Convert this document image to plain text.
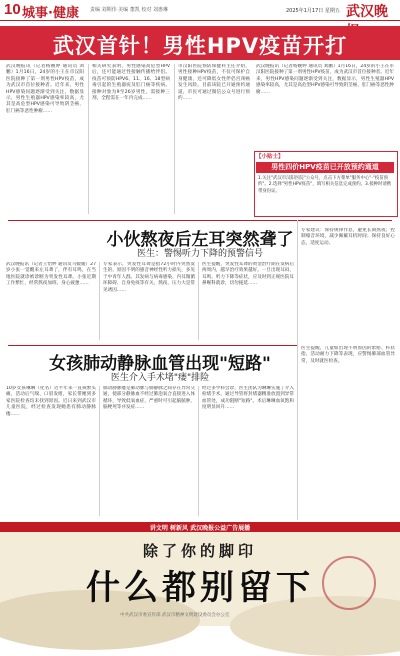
10 城事·健康 责编 刘期伟 美编 董凯 校对 刘惠琳	2025年1月17日 星期五 武汉晚
武汉首针！男性HPV疫苗开打
武汉晚报讯（记者杨婉婷 通讯员 刘鹏）1月16日，24岁的小王在市汉阳医院接种了第一剂男性HPV疫苗，成为武汉市首位接种者。近年来，男性HPV感染问题逐渐受到关注，数据显示，男性生殖器HPV感染率较高，尤其是高危型HPV感染可导致阴茎癌、肛门癌等恶性肿瘤……
相关研究表明，男性感染高危型HPV后，还可能通过性接触传播给伴侣。疫苗可预防HPV6、11、16、18型病毒引起的生殖器疣及肛门癌等疾病。接种对象为9至26岁男性，需接种三剂，全程需在一年内完成……
市汉阳医院预防保健科主任介绍，男性接种HPV疫苗，不仅可保护自身健康，还可降低女性伴侣宫颈癌发生风险。目前该院已开通预约通道，市民可通过微信公众号进行预约……
武汉晚报讯（记者杨婉婷 通讯员 刘鹏）1月16日，24岁的小王在市汉阳医院接种了第一剂男性HPV疫苗，成为武汉市首位接种者。近年来，男性HPV感染问题逐渐受到关注，数据显示，男性生殖器HPV感染率较高，尤其是高危型HPV感染可导致阴茎癌、肛门癌等恶性肿瘤……
【小贴士】
男性四价HPV疫苗已开放预约通道
1.关注"武汉市汉阳医院"公众号，点击下方菜单"服务中心"-"疫苗预约"。2.选择"男性HPV疫苗"，填写相关信息完成预约。3.接种时请携带身份证。
小伙熬夜后左耳突然聋了
医生：警惕听力下降的预警信号
武汉晚报讯（记者王怡婷 通讯员马媛媛）27岁小张一觉醒来左耳聋了，伴有耳鸣，在当地医院就诊被诊断为突发性耳聋。小张近期工作繁忙，经常熬夜加班，身心疲惫……
专家表示，突发性耳聋是指72小时内突然发生的、原因不明的感音神经性听力损失，多见于中青年人群。其发病与病毒感染、内耳微循环障碍、自身免疫等有关，熬夜、压力大是常见诱因……
医生提醒，突发性耳聋的黄金治疗期在发病后两周内，越早治疗效果越好。一旦出现耳闷、耳鸣、听力下降等症状，应及时到正规医院耳鼻喉科就诊，切勿拖延……
专家建议：保持规律作息，避免长期熬夜；控制噪音环境，减少佩戴耳机时间；保持良好心态，适度运动。
女孩肺动静脉血管出现"短路"
医生介入手术堵"瘘"排险
10岁女孩琳琳（化名）近半年来一直频繁头痛，活动后气喘、口唇发绀，家长带她到多家医院检查均未找到原因。近日来到武汉市儿童医院，经过检查发现她患有肺动静脉瘘……
肺动静脉瘘是肺动脉与肺静脉之间存在异常交通，使部分静脉血不经过肺泡氧合直接进入体循环，导致低氧血症，严重时可引起脑脓肿、脑梗死等并发症……
经过多学科会诊，医生团队为琳琳实施了介入栓堵手术，通过导管将封堵器精准放置到异常血管处，成功阻断"短路"。术后琳琳血氧饱和度明显回升……
医生提醒，儿童如出现不明原因的紫绀、杵状指、活动耐力下降等表现，应警惕肺部血管异常，及时就医检查。
讲文明 树新风 武汉晚报公益广告展播
除了你的脚印
什么都别留下
中共武汉市委宣传部 武汉市精神文明建设委员会办公室
